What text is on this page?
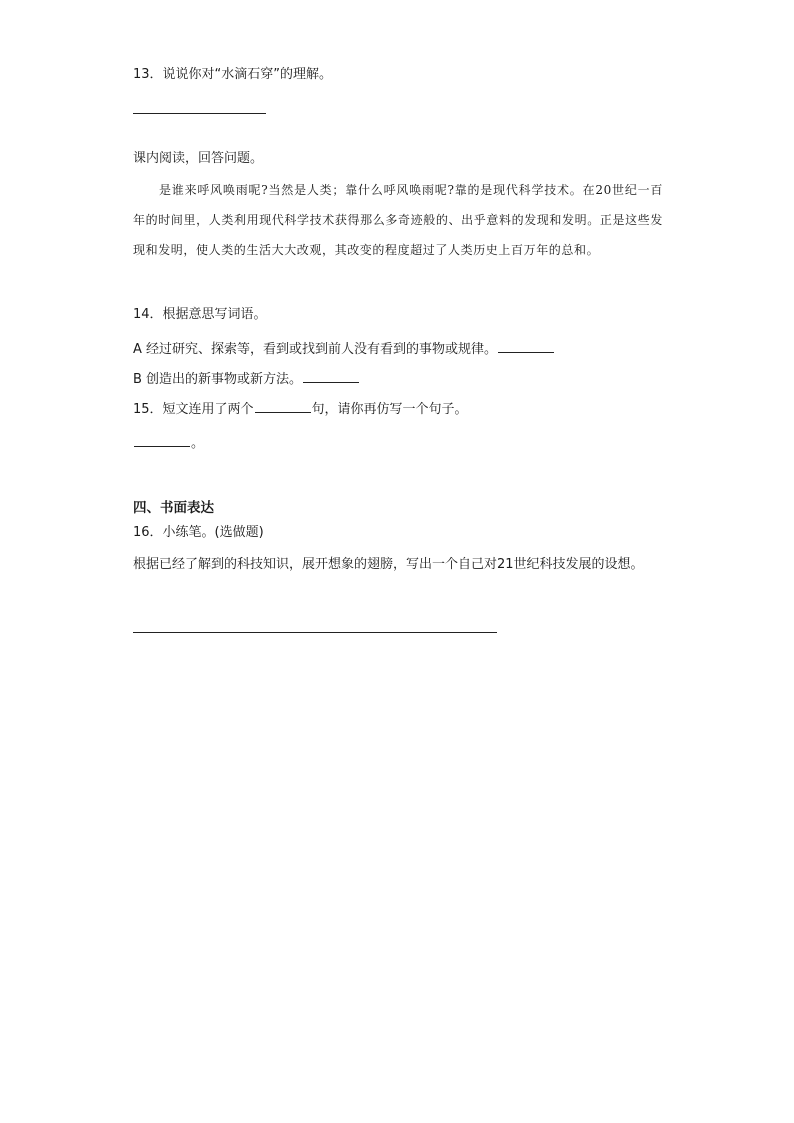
13．说说你对“水滴石穿”的理解。
课内阅读，回答问题。

是谁来呼风唤雨呢?当然是人类；靠什么呼风唤雨呢?靠的是现代科学技术。在20世纪一百年的时间里，人类利用现代科学技术获得那么多奇迹般的、出乎意料的发现和发明。正是这些发现和发明，使人类的生活大大改观，其改变的程度超过了人类历史上百万年的总和。

14．根据意思写词语。
A 经过研究、探索等，看到或找到前人没有看到的事物或规律。
B 创造出的新事物或新方法。
15．短文连用了两个	句，请你再仿写一个句子。
。
四、书面表达
16．小练笔。(选做题)
根据已经了解到的科技知识，展开想象的翅膀，写出一个自己对21世纪科技发展的设想。
